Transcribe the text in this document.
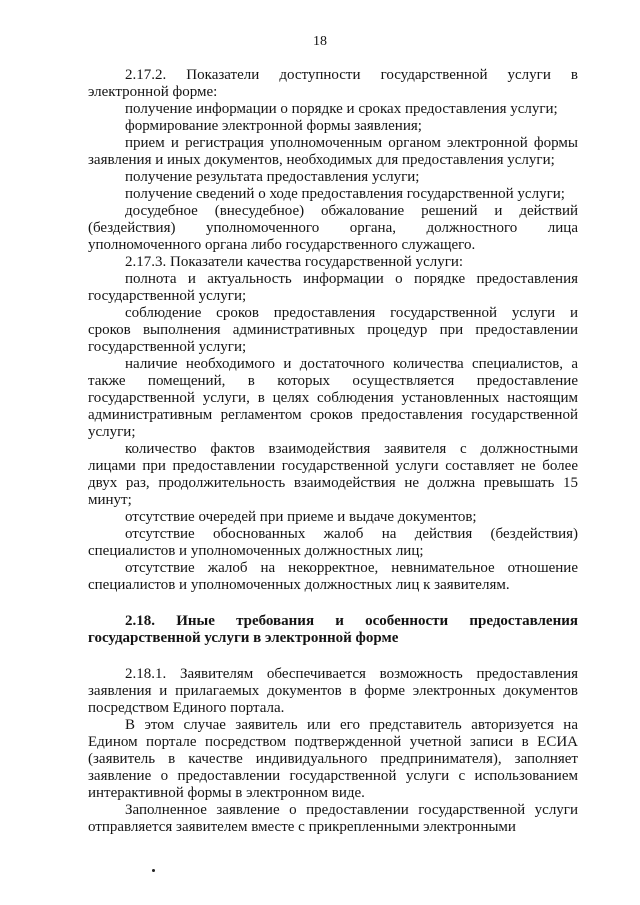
18
2.17.2. Показатели доступности государственной услуги в
электронной форме:
получение информации о порядке и сроках предоставления услуги;
формирование электронной формы заявления;
прием и регистрация уполномоченным органом электронной формы
заявления и иных документов, необходимых для предоставления услуги;
получение результата предоставления услуги;
получение сведений о ходе предоставления государственной услуги;
досудебное (внесудебное) обжалование решений и действий
(бездействия) уполномоченного органа, должностного лица
уполномоченного органа либо государственного служащего.
2.17.3. Показатели качества государственной услуги:
полнота и актуальность информации о порядке предоставления
государственной услуги;
соблюдение сроков предоставления государственной услуги и
сроков выполнения административных процедур при предоставлении
государственной услуги;
наличие необходимого и достаточного количества специалистов, а
также помещений, в которых осуществляется предоставление
государственной услуги, в целях соблюдения установленных настоящим
административным регламентом сроков предоставления государственной
услуги;
количество фактов взаимодействия заявителя с должностными
лицами при предоставлении государственной услуги составляет не более
двух раз, продолжительность взаимодействия не должна превышать 15
минут;
отсутствие очередей при приеме и выдаче документов;
отсутствие обоснованных жалоб на действия (бездействия)
специалистов и уполномоченных должностных лиц;
отсутствие жалоб на некорректное, невнимательное отношение
специалистов и уполномоченных должностных лиц к заявителям.
2.18. Иные требования и особенности предоставления
государственной услуги в электронной форме
2.18.1. Заявителям обеспечивается возможность предоставления
заявления и прилагаемых документов в форме электронных документов
посредством Единого портала.
В этом случае заявитель или его представитель авторизуется на
Едином портале посредством подтвержденной учетной записи в ЕСИА
(заявитель в качестве индивидуального предпринимателя), заполняет
заявление о предоставлении государственной услуги с использованием
интерактивной формы в электронном виде.
Заполненное заявление о предоставлении государственной услуги
отправляется заявителем вместе с прикрепленными электронными
